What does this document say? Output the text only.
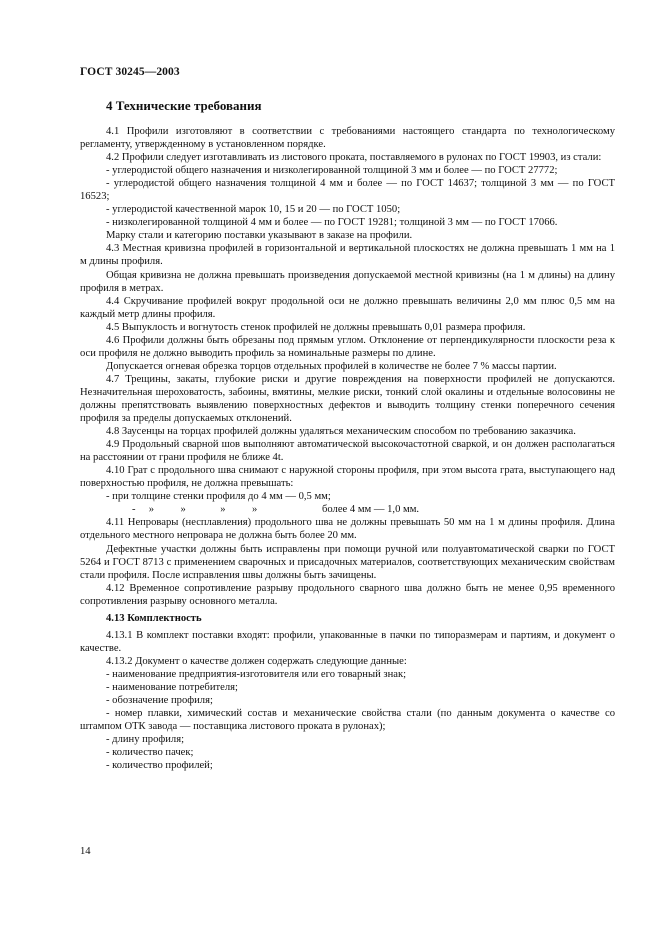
ГОСТ 30245—2003
4 Технические требования

4.1 Профили изготовляют в соответствии с требованиями настоящего стандарта по технологическому регламенту, утвержденному в установленном порядке.

4.2 Профили следует изготавливать из листового проката, поставляемого в рулонах по ГОСТ 19903, из стали:

- углеродистой общего назначения и низколегированной толщиной 3 мм и более — по ГОСТ 27772;

- углеродистой общего назначения толщиной 4 мм и более — по ГОСТ 14637; толщиной 3 мм — по ГОСТ 16523;

- углеродистой качественной марок 10, 15 и 20 — по ГОСТ 1050;

- низколегированной толщиной 4 мм и более — по ГОСТ 19281; толщиной 3 мм — по ГОСТ 17066.

Марку стали и категорию поставки указывают в заказе на профили.

4.3 Местная кривизна профилей в горизонтальной и вертикальной плоскостях не должна превышать 1 мм на 1 м длины профиля.

Общая кривизна не должна превышать произведения допускаемой местной кривизны (на 1 м длины) на длину профиля в метрах.

4.4 Скручивание профилей вокруг продольной оси не должно превышать величины 2,0 мм плюс 0,5 мм на каждый метр длины профиля.

4.5 Выпуклость и вогнутость стенок профилей не должны превышать 0,01 размера профиля.

4.6 Профили должны быть обрезаны под прямым углом. Отклонение от перпендикулярности плоскости реза к оси профиля не должно выводить профиль за номинальные размеры по длине.

Допускается огневая обрезка торцов отдельных профилей в количестве не более 7 % массы партии.

4.7 Трещины, закаты, глубокие риски и другие повреждения на поверхности профилей не допускаются. Незначительная шероховатость, забоины, вмятины, мелкие риски, тонкий слой окалины и отдельные волосовины не должны препятствовать выявлению поверхностных дефектов и выводить толщину стенки поперечного сечения профиля за пределы допускаемых отклонений.

4.8 Заусенцы на торцах профилей должны удаляться механическим способом по требованию заказчика.

4.9 Продольный сварной шов выполняют автоматической высокочастотной сваркой, и он должен располагаться на расстоянии от грани профиля не ближе 4t.

4.10 Грат с продольного шва снимают с наружной стороны профиля, при этом высота грата, выступающего над поверхностью профиля, не должна превышать:

- при толщине стенки профиля до 4 мм — 0,5 мм;

-     »          »             »          »	более 4 мм — 1,0 мм.

4.11 Непровары (несплавления) продольного шва не должны превышать 50 мм на 1 м длины профиля. Длина отдельного местного непровара не должна быть более 20 мм.

Дефектные участки должны быть исправлены при помощи ручной или полуавтоматической сварки по ГОСТ 5264 и ГОСТ 8713 с применением сварочных и присадочных материалов, соответствующих механическим свойствам стали профиля. После исправления швы должны быть зачищены.

4.12 Временное сопротивление разрыву продольного сварного шва должно быть не менее 0,95 временного сопротивления разрыву основного металла.

4.13 Комплектность

4.13.1 В комплект поставки входят: профили, упакованные в пачки по типоразмерам и партиям, и документ о качестве.

4.13.2 Документ о качестве должен содержать следующие данные:

- наименование предприятия-изготовителя или его товарный знак;

- наименование потребителя;

- обозначение профиля;

- номер плавки, химический состав и механические свойства стали (по данным документа о качестве со штампом ОТК завода — поставщика листового проката в рулонах);

- длину профиля;

- количество пачек;

- количество профилей;

14
